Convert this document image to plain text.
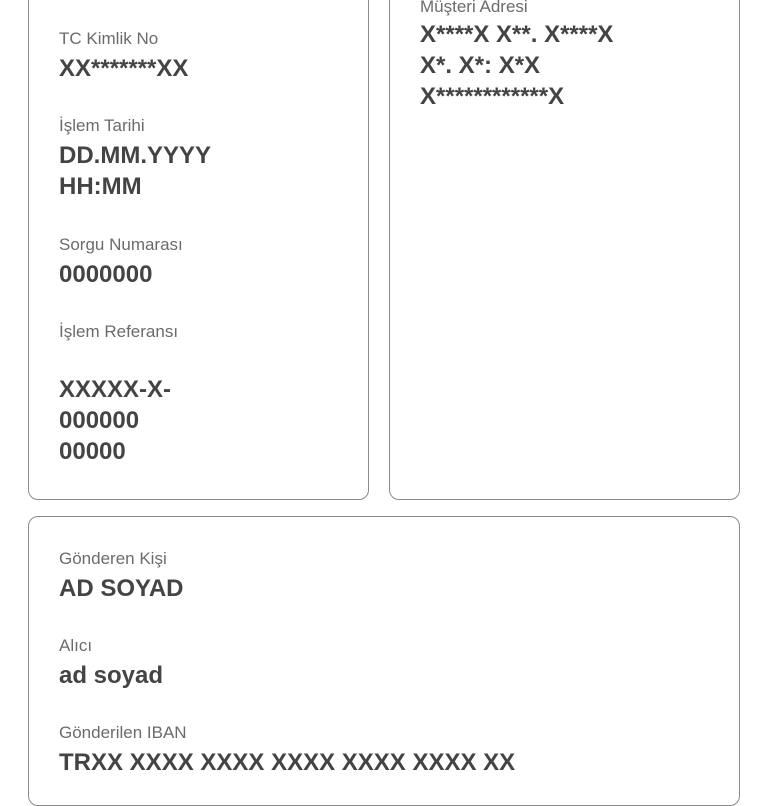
TC Kimlik No
XX*******XX
İşlem Tarihi
DD.MM.YYYY
HH:MM
Sorgu Numarası
0000000
İşlem Referansı
XXXXX-X-
000000
00000
Müşteri Adresi
X****X X**. X****X
X*. X*: X*X
X************X
Gönderen Kişi
AD SOYAD
Alıcı
ad soyad
Gönderilen IBAN
TRXX XXXX XXXX XXXX XXXX XXXX XX
